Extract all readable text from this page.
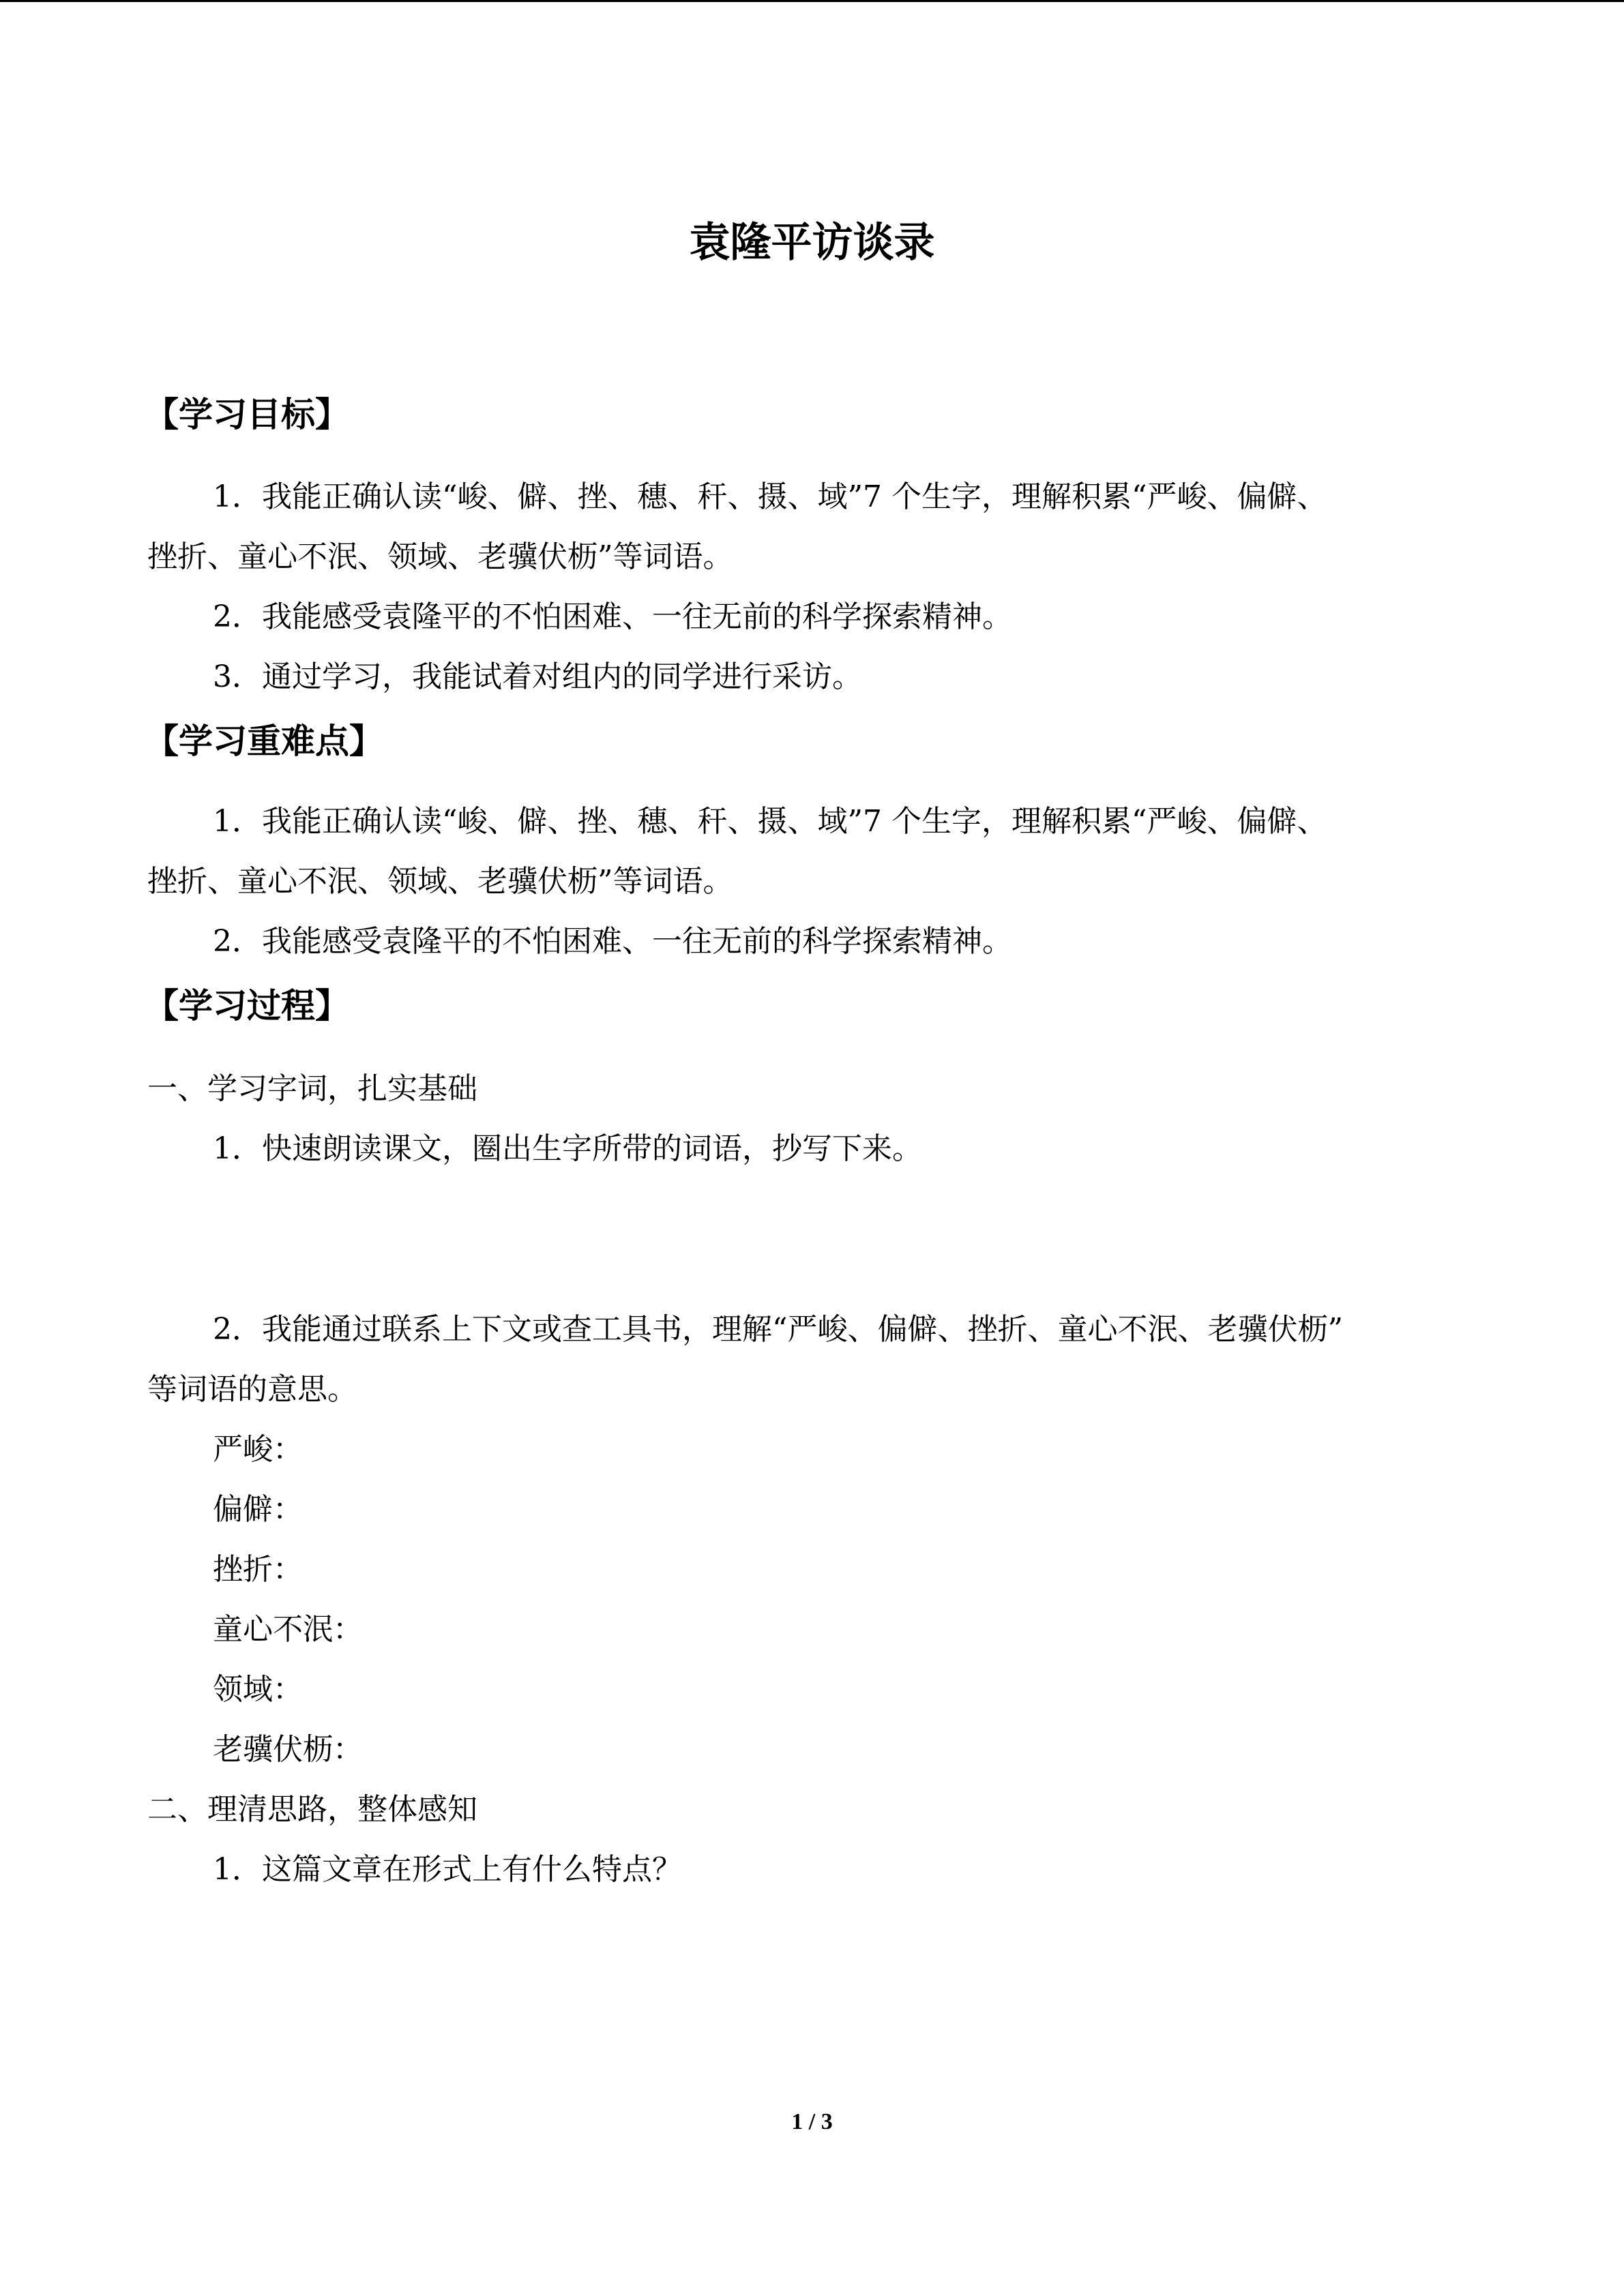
袁隆平访谈录
【学习目标】
1．我能正确认读“峻、僻、挫、穗、秆、摄、域”7 个生字，理解积累“严峻、偏僻、
挫折、童心不泯、领域、老骥伏枥”等词语。
2．我能感受袁隆平的不怕困难、一往无前的科学探索精神。
3．通过学习，我能试着对组内的同学进行采访。
【学习重难点】
1．我能正确认读“峻、僻、挫、穗、秆、摄、域”7 个生字，理解积累“严峻、偏僻、
挫折、童心不泯、领域、老骥伏枥”等词语。
2．我能感受袁隆平的不怕困难、一往无前的科学探索精神。
【学习过程】
一、学习字词，扎实基础
1．快速朗读课文，圈出生字所带的词语，抄写下来。
2．我能通过联系上下文或查工具书，理解“严峻、偏僻、挫折、童心不泯、老骥伏枥”
等词语的意思。
严峻：
偏僻：
挫折：
童心不泯：
领域：
老骥伏枥：
二、理清思路，整体感知
1．这篇文章在形式上有什么特点？
1 / 3
